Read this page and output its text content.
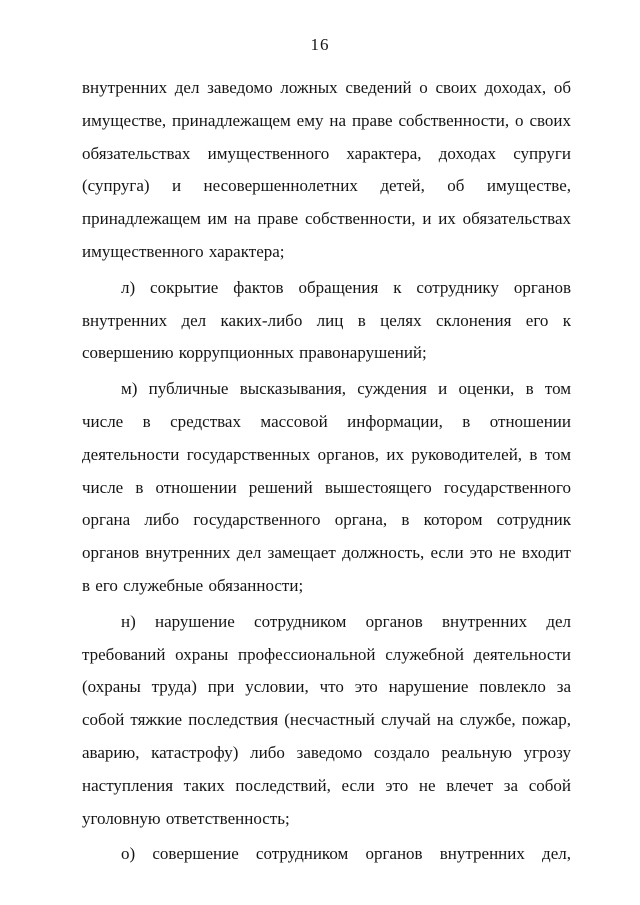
16

внутренних дел заведомо ложных сведений о своих доходах, об имуществе, принадлежащем ему на праве собственности, о своих обязательствах имущественного характера, доходах супруги (супруга) и несовершеннолетних детей, об имуществе, принадлежащем им на праве собственности, и их обязательствах имущественного характера;

л) сокрытие фактов обращения к сотруднику органов внутренних дел каких-либо лиц в целях склонения его к совершению коррупционных правонарушений;

м) публичные высказывания, суждения и оценки, в том числе в средствах массовой информации, в отношении деятельности государственных органов, их руководителей, в том числе в отношении решений вышестоящего государственного органа либо государственного органа, в котором сотрудник органов внутренних дел замещает должность, если это не входит в его служебные обязанности;

н) нарушение сотрудником органов внутренних дел требований охраны профессиональной служебной деятельности (охраны труда) при условии, что это нарушение повлекло за собой тяжкие последствия (несчастный случай на службе, пожар, аварию, катастрофу) либо заведомо создало реальную угрозу наступления таких последствий, если это не влечет за собой уголовную ответственность;

о) совершение сотрудником органов внутренних дел,
